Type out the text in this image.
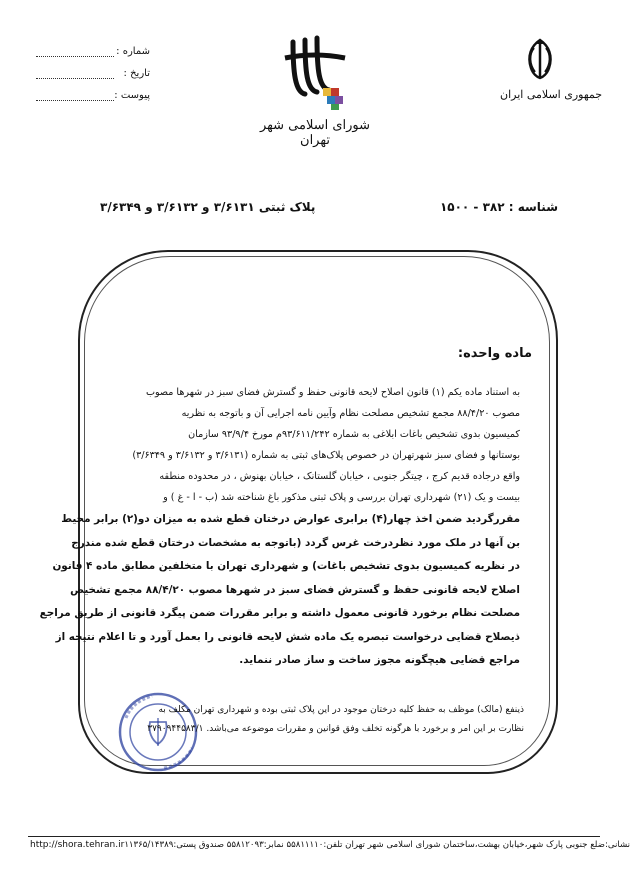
شماره :
تاریخ :
پیوست :
شورای اسلامی شهر تهران
جمهوری اسلامی ایران
شناسه : ۳۸۲ - ۱۵۰۰
پلاک ثبتی ۳/۶۱۳۱ و ۳/۶۱۳۲ و ۳/۶۳۴۹
ماده واحده:

به استناد ماده یکم (۱) قانون اصلاح لایحه قانونی حفظ و گسترش فضای سبز در شهرها مصوب

مصوب ۸۸/۴/۲۰ مجمع تشخیص مصلحت نظام وآیین نامه اجرایی آن و باتوجه به نظریه

کمیسیون بدوی تشخیص باغات ابلاغی به شماره ۹۳/۶۱۱/۲۴۲م مورخ ۹۳/۹/۴ سازمان

بوستانها و فضای سبز شهرتهران در خصوص پلاک‌های ثبتی به شماره (۳/۶۱۳۱ و ۳/۶۱۳۲ و ۳/۶۳۴۹)

واقع درجاده قدیم کرج ، چیتگر جنوبی ، خیابان گلستانک ، خیابان بهنوش ، در محدوده منطقه

بیست و یک (۲۱) شهرداری تهران بررسی و پلاک ثبتی مذکور باغ شناخته شد (ب - ا - غ ) و

مقررگردید ضمن اخذ چهار(۴) برابری عوارض درختان قطع شده به میزان دو(۲) برابر محیط

بن آنها در ملک مورد نظردرخت غرس گردد (باتوجه به مشخصات درختان قطع شده مندرج

در نظریه کمیسیون بدوی تشخیص باغات) و شهرداری تهران با متخلفین مطابق ماده ۴ قانون

اصلاح لایحه قانونی حفظ و گسترش فضای سبز در شهرها مصوب ۸۸/۴/۲۰ مجمع تشخیص

مصلحت نظام برخورد قانونی معمول داشته و برابر مقررات ضمن پیگرد قانونی از طریق مراجع

ذیصلاح قضایی درخواست تبصره یک ماده شش لایحه قانونی را بعمل آورد و تا اعلام نتیجه از

مراجع قضایی هیچگونه مجوز ساخت و ساز صادر ننماید.

ذینفع (مالک) موظف به حفظ کلیه درختان موجود در این پلاک ثبتی بوده و شهرداری تهران مکلف به

نظارت بر این امر و برخورد با هرگونه تخلف وفق قوانین و مقررات موضوعه می‌باشد. ۳۷۹۰۹۴۴۵۸۳/۱

http://shora.tehran.ir نشانی:ضلع جنوبی پارک شهر،خیابان بهشت،ساختمان شورای اسلامی شهر تهران تلفن:۵۵۸۱۱۱۱۰ نمابر:۵۵۸۱۲۰۹۳ صندوق پستی:۱۱۳۶۵/۱۴۳۸۹
